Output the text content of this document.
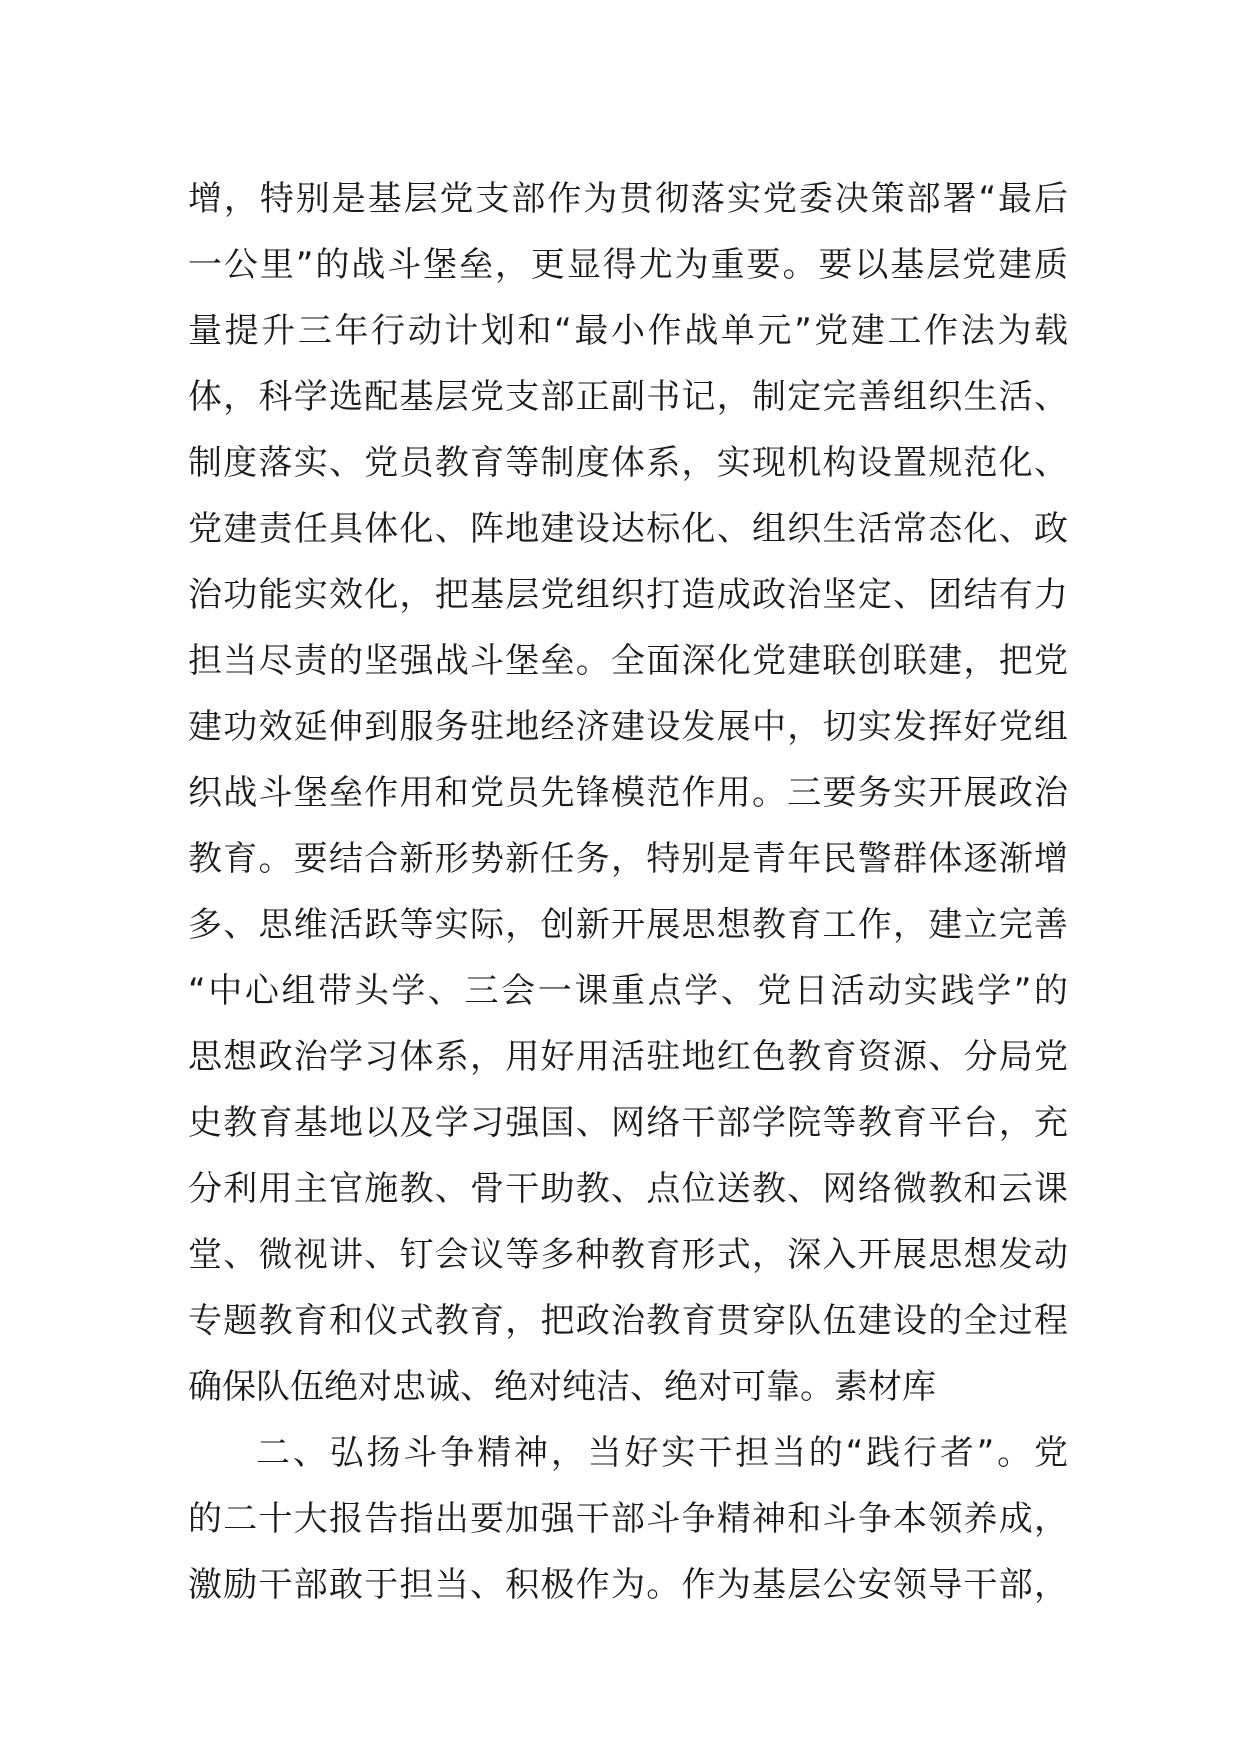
增，特别是基层党支部作为贯彻落实党委决策部署“最后
一公里”的战斗堡垒，更显得尤为重要。要以基层党建质
量提升三年行动计划和“最小作战单元”党建工作法为载
体，科学选配基层党支部正副书记，制定完善组织生活、
制度落实、党员教育等制度体系，实现机构设置规范化、
党建责任具体化、阵地建设达标化、组织生活常态化、政
治功能实效化，把基层党组织打造成政治坚定、团结有力
担当尽责的坚强战斗堡垒。全面深化党建联创联建，把党
建功效延伸到服务驻地经济建设发展中，切实发挥好党组
织战斗堡垒作用和党员先锋模范作用。三要务实开展政治
教育。要结合新形势新任务，特别是青年民警群体逐渐增
多、思维活跃等实际，创新开展思想教育工作，建立完善
“中心组带头学、三会一课重点学、党日活动实践学”的
思想政治学习体系，用好用活驻地红色教育资源、分局党
史教育基地以及学习强国、网络干部学院等教育平台，充
分利用主官施教、骨干助教、点位送教、网络微教和云课
堂、微视讲、钉会议等多种教育形式，深入开展思想发动
专题教育和仪式教育，把政治教育贯穿队伍建设的全过程
确保队伍绝对忠诚、绝对纯洁、绝对可靠。素材库
二、弘扬斗争精神，当好实干担当的“践行者”。党
的二十大报告指出要加强干部斗争精神和斗争本领养成，
激励干部敢于担当、积极作为。作为基层公安领导干部，
